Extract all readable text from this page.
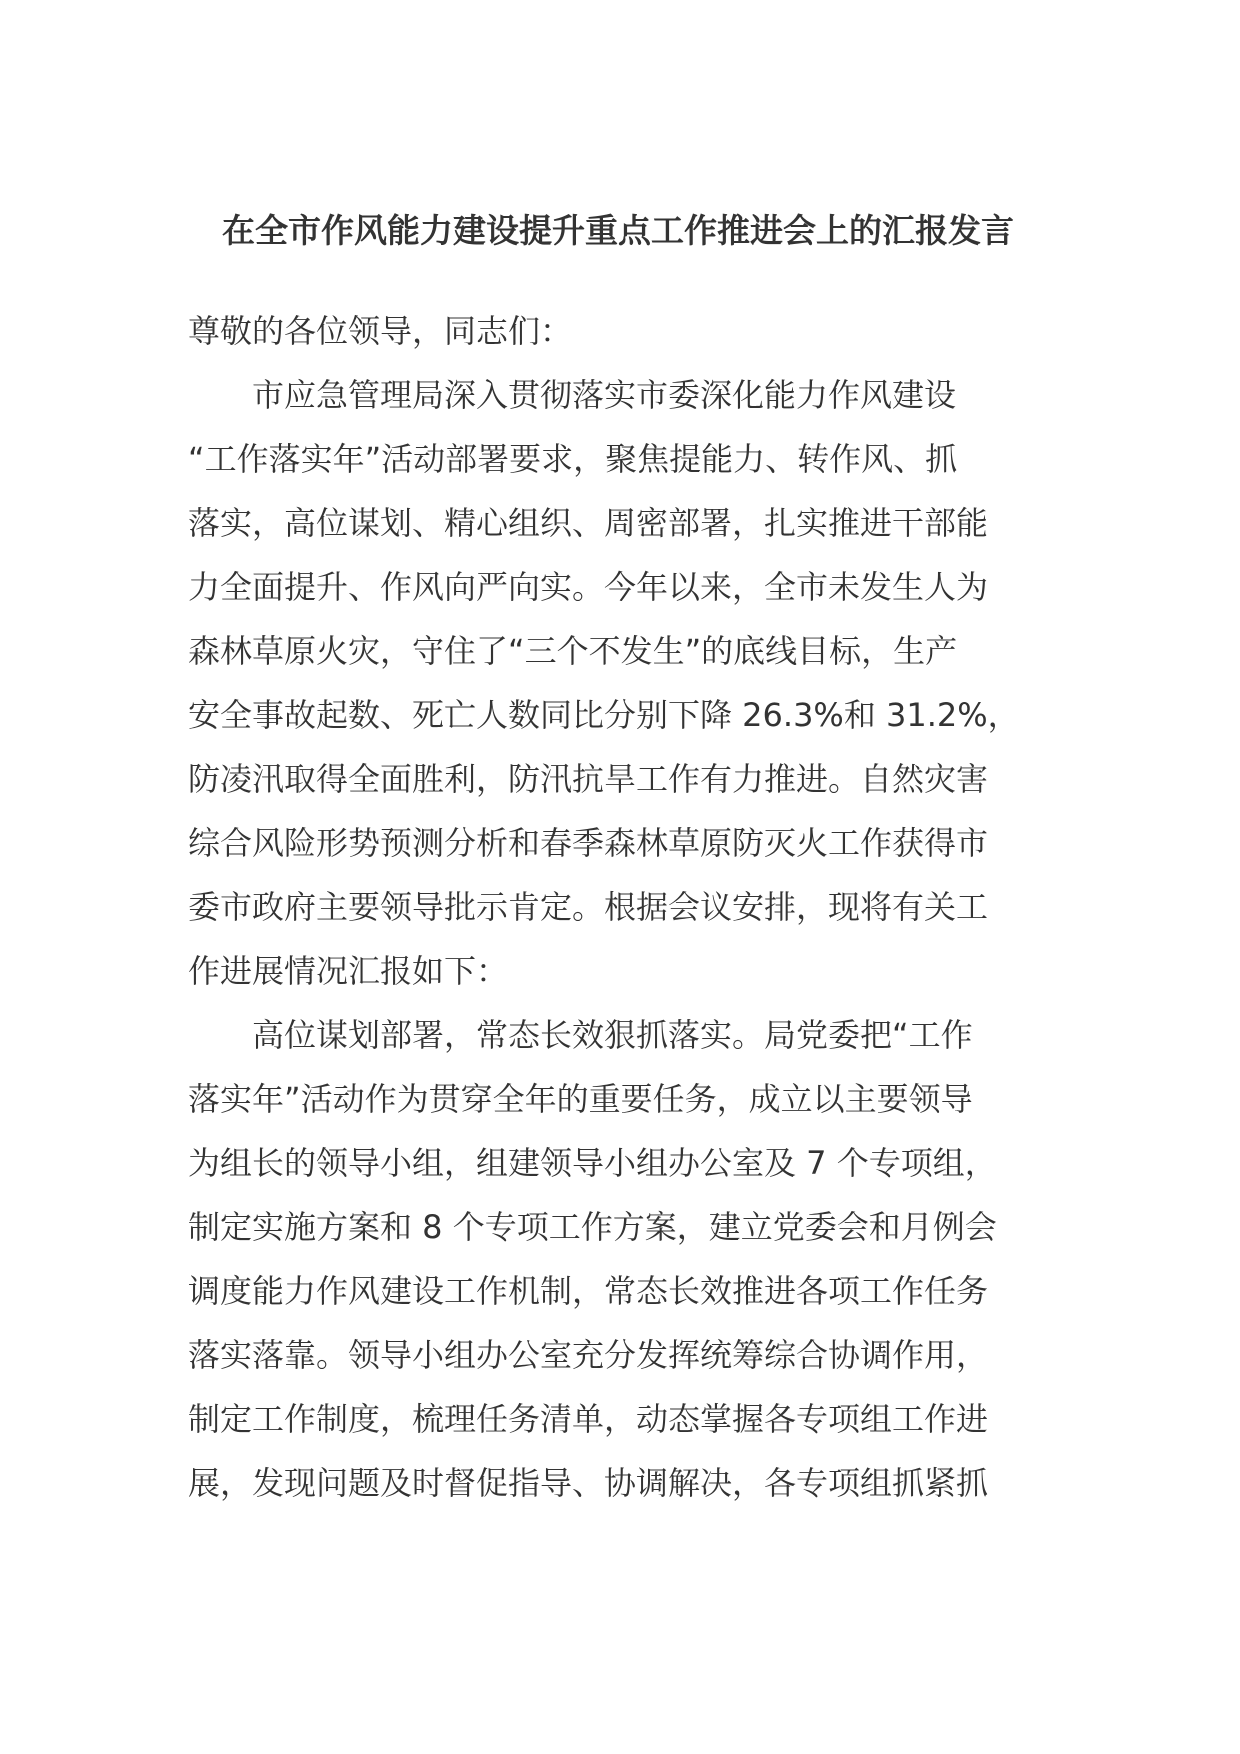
在全市作风能力建设提升重点工作推进会上的汇报发言

尊敬的各位领导，同志们：

　　市应急管理局深入贯彻落实市委深化能力作风建设

“工作落实年”活动部署要求，聚焦提能力、转作风、抓

落实，高位谋划、精心组织、周密部署，扎实推进干部能

力全面提升、作风向严向实。今年以来，全市未发生人为

森林草原火灾，守住了“三个不发生”的底线目标，生产

安全事故起数、死亡人数同比分别下降 26.3%和 31.2%，

防凌汛取得全面胜利，防汛抗旱工作有力推进。自然灾害

综合风险形势预测分析和春季森林草原防灭火工作获得市

委市政府主要领导批示肯定。根据会议安排，现将有关工

作进展情况汇报如下：

　　高位谋划部署，常态长效狠抓落实。局党委把“工作

落实年”活动作为贯穿全年的重要任务，成立以主要领导

为组长的领导小组，组建领导小组办公室及 7 个专项组，

制定实施方案和 8 个专项工作方案，建立党委会和月例会

调度能力作风建设工作机制，常态长效推进各项工作任务

落实落靠。领导小组办公室充分发挥统筹综合协调作用，

制定工作制度，梳理任务清单，动态掌握各专项组工作进

展，发现问题及时督促指导、协调解决，各专项组抓紧抓
